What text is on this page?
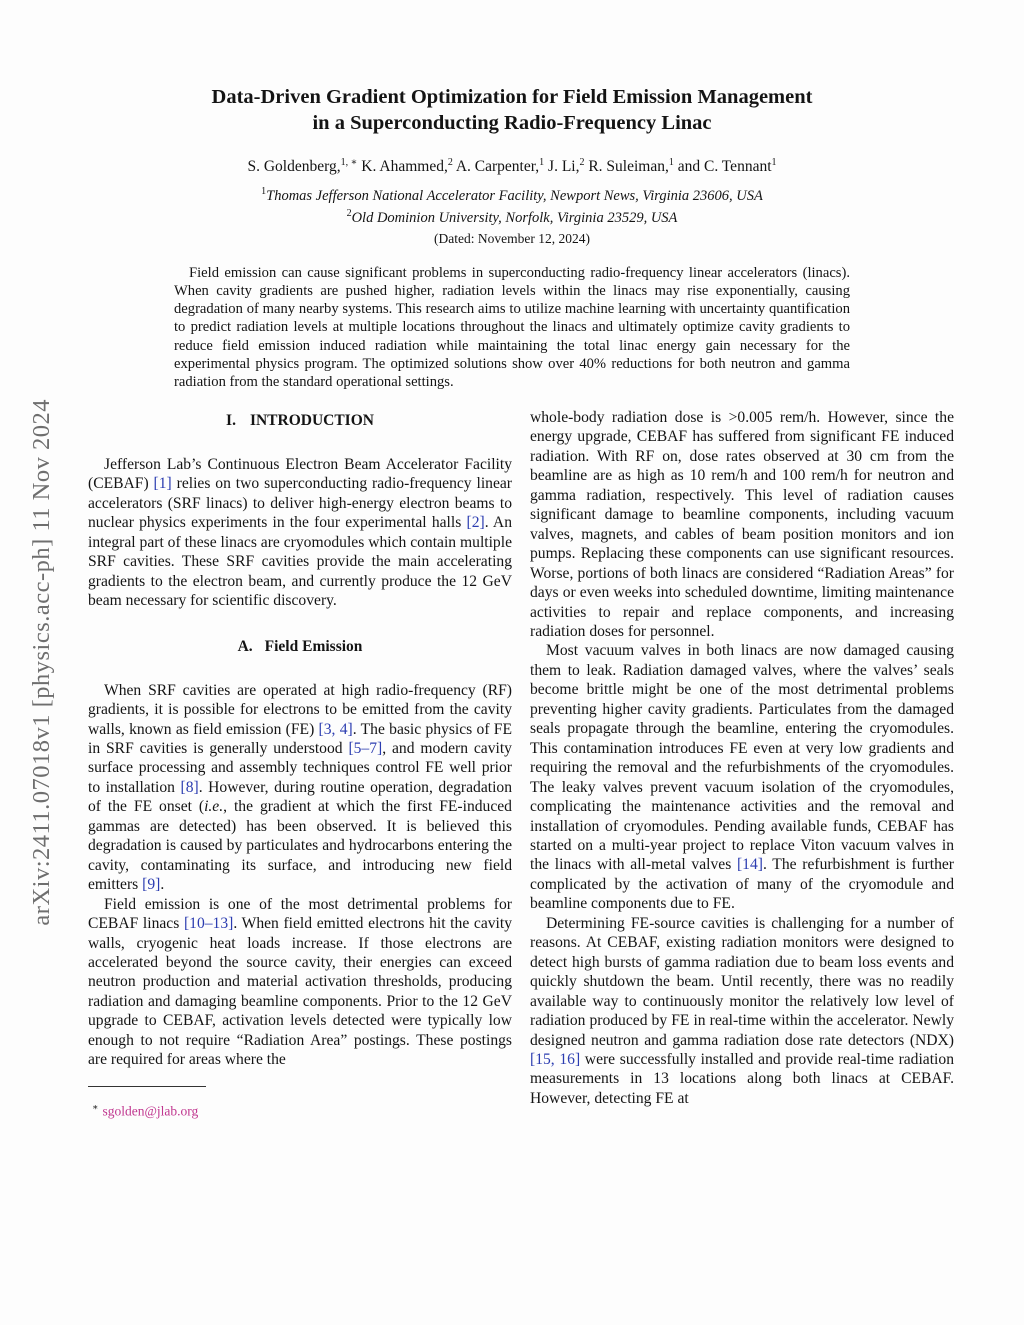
arXiv:2411.07018v1 [physics.acc-ph] 11 Nov 2024
Data-Driven Gradient Optimization for Field Emission Management
in a Superconducting Radio-Frequency Linac
S. Goldenberg,$^{1, ∗}$ K. Ahammed,$^2$ A. Carpenter,$^1$ J. Li,$^2$ R. Suleiman,$^1$ and C. Tennant$^1$
$^1$Thomas Jefferson National Accelerator Facility, Newport News, Virginia 23606, USA
$^2$Old Dominion University, Norfolk, Virginia 23529, USA
(Dated: November 12, 2024)
Field emission can cause significant problems in superconducting radio-frequency linear accelerators (linacs). When cavity gradients are pushed higher, radiation levels within the linacs may rise exponentially, causing degradation of many nearby systems. This research aims to utilize machine learning with uncertainty quantification to predict radiation levels at multiple locations throughout the linacs and ultimately optimize cavity gradients to reduce field emission induced radiation while maintaining the total linac energy gain necessary for the experimental physics program. The optimized solutions show over 40% reductions for both neutron and gamma radiation from the standard operational settings.
I. INTRODUCTION

Jefferson Lab’s Continuous Electron Beam Accelerator Facility (CEBAF) [1] relies on two superconducting radio-frequency linear accelerators (SRF linacs) to deliver high-energy electron beams to nuclear physics experiments in the four experimental halls [2]. An integral part of these linacs are cryomodules which contain multiple SRF cavities. These SRF cavities provide the main accelerating gradients to the electron beam, and currently produce the 12 GeV beam necessary for scientific discovery.

A. Field Emission

When SRF cavities are operated at high radio-frequency (RF) gradients, it is possible for electrons to be emitted from the cavity walls, known as field emission (FE) [3, 4]. The basic physics of FE in SRF cavities is generally understood [5–7], and modern cavity surface processing and assembly techniques control FE well prior to installation [8]. However, during routine operation, degradation of the FE onset (i.e., the gradient at which the first FE-induced gammas are detected) has been observed. It is believed this degradation is caused by particulates and hydrocarbons entering the cavity, contaminating its surface, and introducing new field emitters [9].

Field emission is one of the most detrimental problems for CEBAF linacs [10–13]. When field emitted electrons hit the cavity walls, cryogenic heat loads increase. If those electrons are accelerated beyond the source cavity, their energies can exceed neutron production and material activation thresholds, producing radiation and damaging beamline components. Prior to the 12 GeV upgrade to CEBAF, activation levels detected were typically low enough to not require “Radiation Area” postings. These postings are required for areas where the

∗ sgolden@jlab.org

whole-body radiation dose is >0.005 rem/h. However, since the energy upgrade, CEBAF has suffered from significant FE induced radiation. With RF on, dose rates observed at 30 cm from the beamline are as high as 10 rem/h and 100 rem/h for neutron and gamma radiation, respectively. This level of radiation causes significant damage to beamline components, including vacuum valves, magnets, and cables of beam position monitors and ion pumps. Replacing these components can use significant resources. Worse, portions of both linacs are considered “Radiation Areas” for days or even weeks into scheduled downtime, limiting maintenance activities to repair and replace components, and increasing radiation doses for personnel.

Most vacuum valves in both linacs are now damaged causing them to leak. Radiation damaged valves, where the valves’ seals become brittle might be one of the most detrimental problems preventing higher cavity gradients. Particulates from the damaged seals propagate through the beamline, entering the cryomodules. This contamination introduces FE even at very low gradients and requiring the removal and the refurbishments of the cryomodules. The leaky valves prevent vacuum isolation of the cryomodules, complicating the maintenance activities and the removal and installation of cryomodules. Pending available funds, CEBAF has started on a multi-year project to replace Viton vacuum valves in the linacs with all-metal valves [14]. The refurbishment is further complicated by the activation of many of the cryomodule and beamline components due to FE.

Determining FE-source cavities is challenging for a number of reasons. At CEBAF, existing radiation monitors were designed to detect high bursts of gamma radiation due to beam loss events and quickly shutdown the beam. Until recently, there was no readily available way to continuously monitor the relatively low level of radiation produced by FE in real-time within the accelerator. Newly designed neutron and gamma radiation dose rate detectors (NDX) [15, 16] were successfully installed and provide real-time radiation measurements in 13 locations along both linacs at CEBAF. However, detecting FE at
